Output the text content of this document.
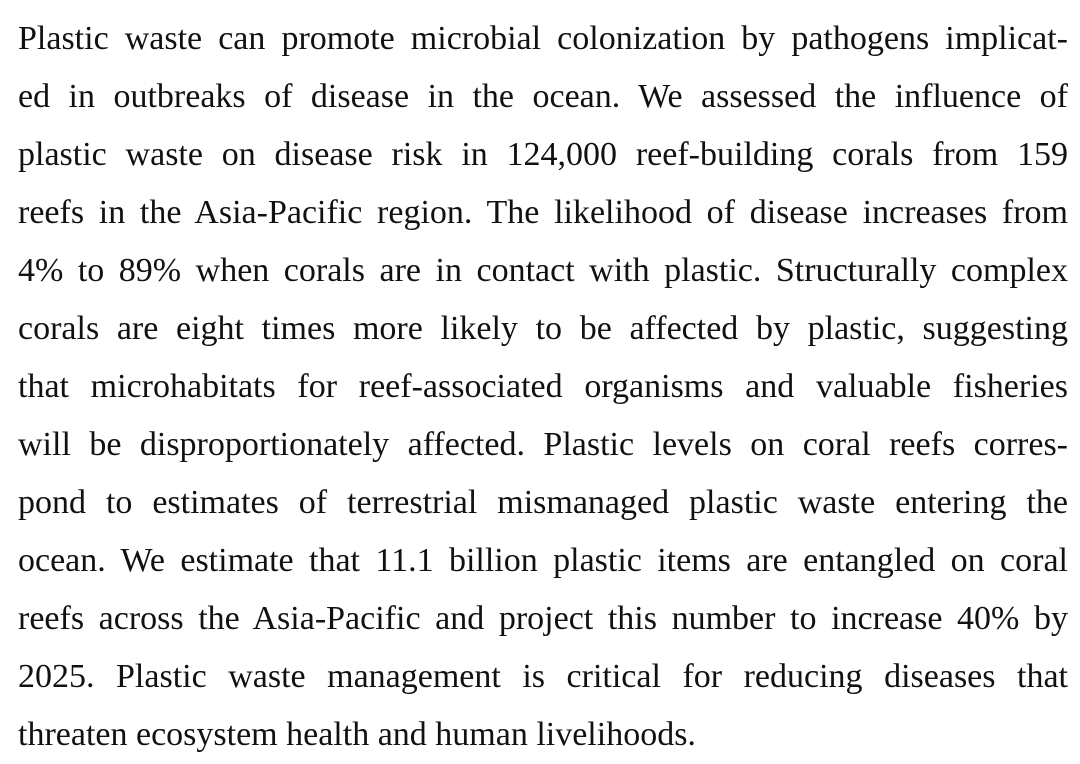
Plastic waste can promote microbial colonization by pathogens implicat-
ed in outbreaks of disease in the ocean. We assessed the influence of
plastic waste on disease risk in 124,000 reef-building corals from 159
reefs in the Asia-Pacific region. The likelihood of disease increases from
4% to 89% when corals are in contact with plastic. Structurally complex
corals are eight times more likely to be affected by plastic, suggesting
that microhabitats for reef-associated organisms and valuable fisheries
will be disproportionately affected. Plastic levels on coral reefs corres-
pond to estimates of terrestrial mismanaged plastic waste entering the
ocean. We estimate that 11.1 billion plastic items are entangled on coral
reefs across the Asia-Pacific and project this number to increase 40% by
2025. Plastic waste management is critical for reducing diseases that
threaten ecosystem health and human livelihoods.
